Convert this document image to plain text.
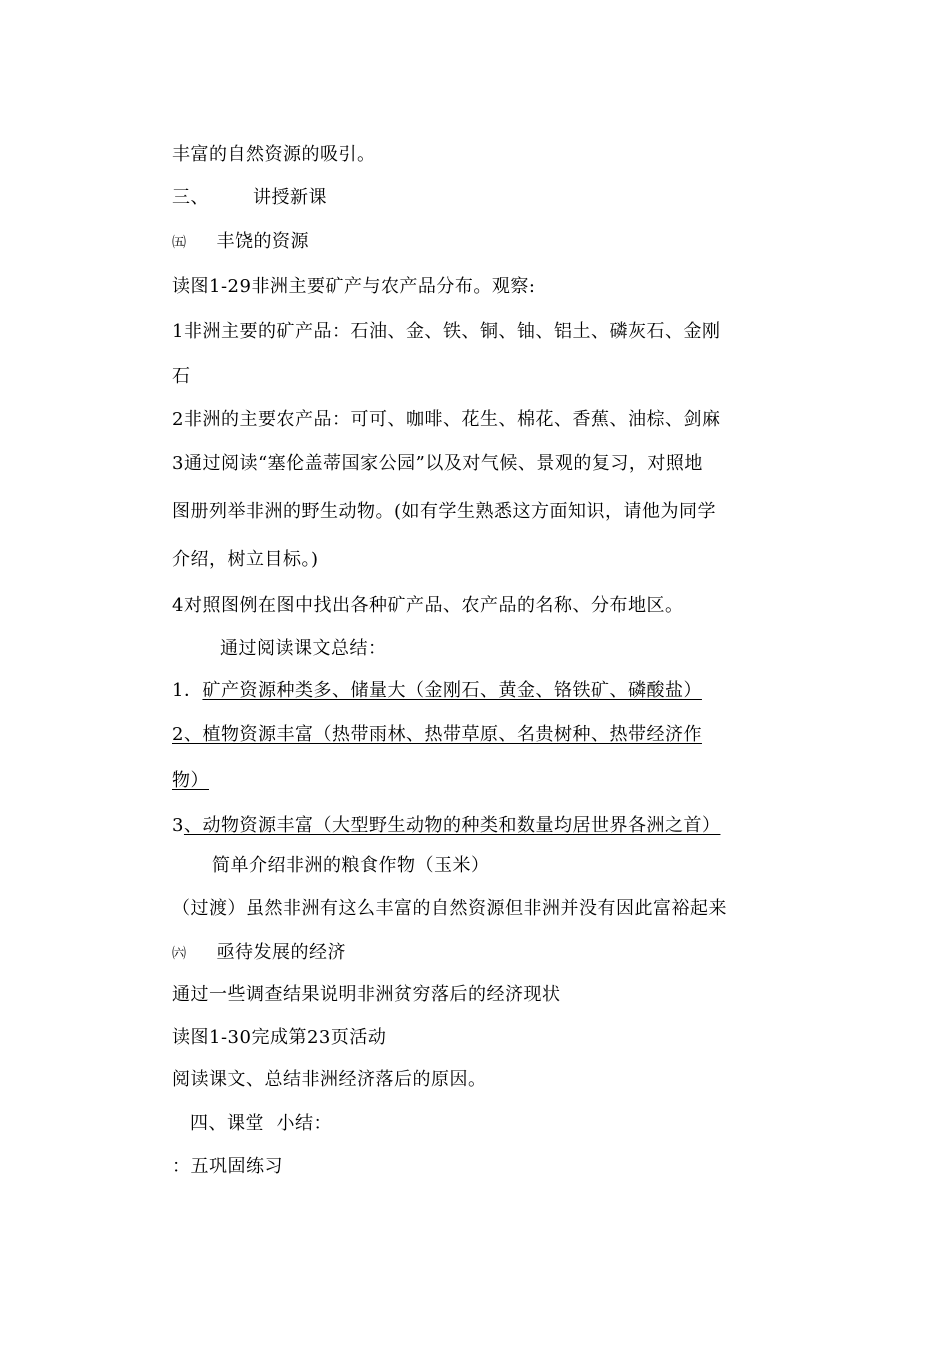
丰富的自然资源的吸引。
三、 讲授新课
㈤ 丰饶的资源
读图1-29非洲主要矿产与农产品分布。观察:
1非洲主要的矿产品：石油、金、铁、铜、铀、铝土、磷灰石、金刚
石
2非洲的主要农产品：可可、咖啡、花生、棉花、香蕉、油棕、剑麻
3通过阅读“塞伦盖蒂国家公园”以及对气候、景观的复习，对照地
图册列举非洲的野生动物。(如有学生熟悉这方面知识，请他为同学
介绍，树立目标。)
4对照图例在图中找出各种矿产品、农产品的名称、分布地区。
通过阅读课文总结：
1．矿产资源种类多、储量大（金刚石、黄金、铬铁矿、磷酸盐）
2、植物资源丰富（热带雨林、热带草原、名贵树种、热带经济作
物）
3、动物资源丰富（大型野生动物的种类和数量均居世界各洲之首）
简单介绍非洲的粮食作物（玉米）
（过渡）虽然非洲有这么丰富的自然资源但非洲并没有因此富裕起来
㈥ 亟待发展的经济
通过一些调查结果说明非洲贫穷落后的经济现状
读图1-30完成第23页活动
阅读课文、总结非洲经济落后的原因。
四、课堂  小结：
：五巩固练习
